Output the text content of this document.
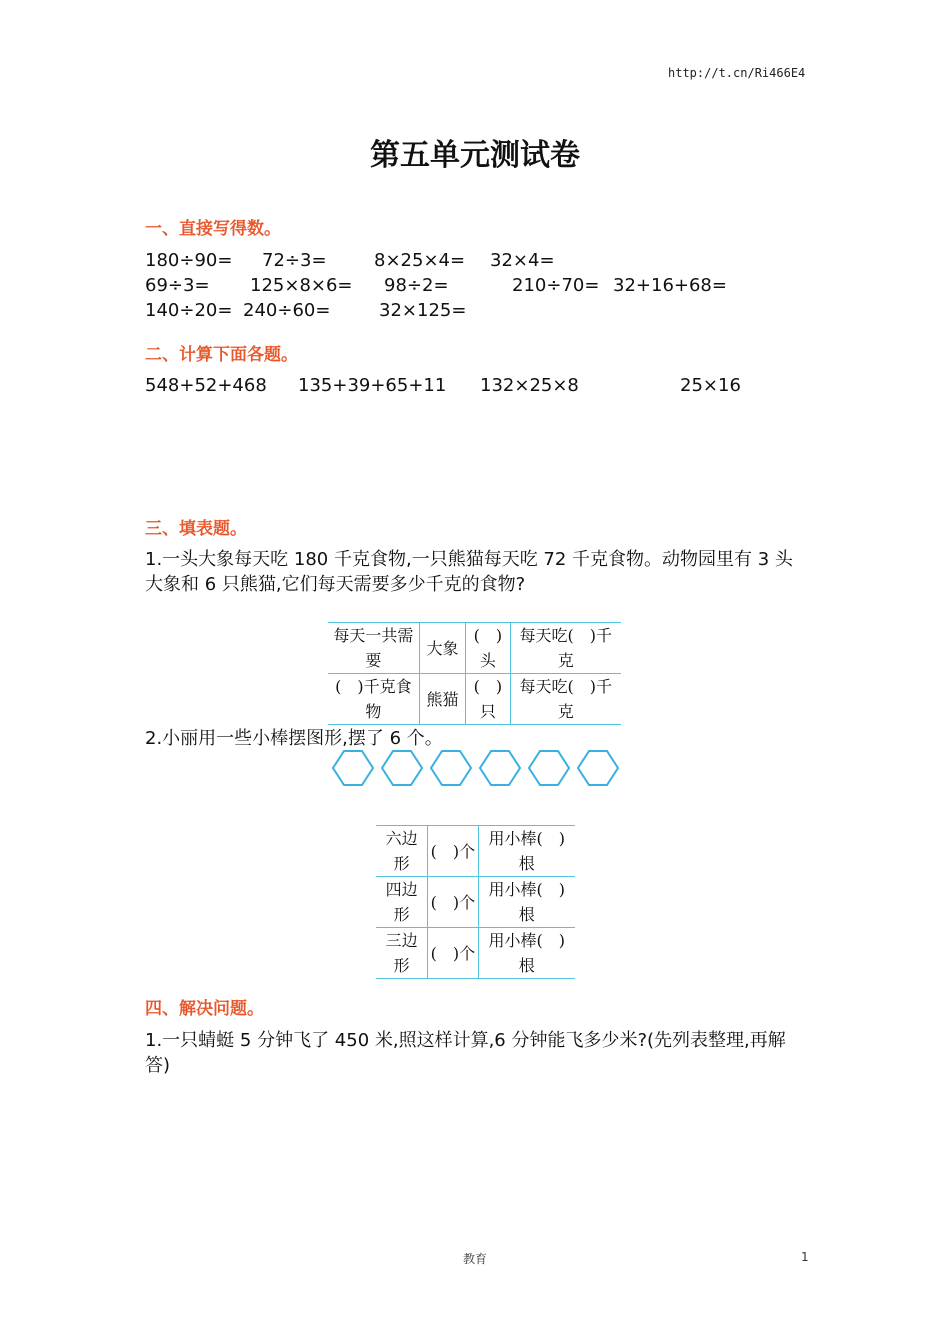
http://t.cn/Ri466E4
第五单元测试卷
一、直接写得数。
180÷90= 72÷3=	8×25×4= 32×4=
69÷3= 125×8×6= 98÷2=	210÷70= 32+16+68=
140÷20= 240÷60=	32×125=
二、计算下面各题。
548+52+468 135+39+65+11 132×25×8	25×16
三、填表题。
1.一头大象每天吃 180 千克食物,一只熊猫每天吃 72 千克食物。动物园里有 3 头大象和 6 只熊猫,它们每天需要多少千克的食物?
每天一共需要	大象	(　)头	每天吃(　)千克
(　)千克食物	熊猫	(　)只	每天吃(　)千克
2.小丽用一些小棒摆图形,摆了 6 个。
六边形	(　)个	用小棒(　)根
四边形	(　)个	用小棒(　)根
三边形	(　)个	用小棒(　)根
四、解决问题。
1.一只蜻蜓 5 分钟飞了 450 米,照这样计算,6 分钟能飞多少米?(先列表整理,再解答)
教育	1
